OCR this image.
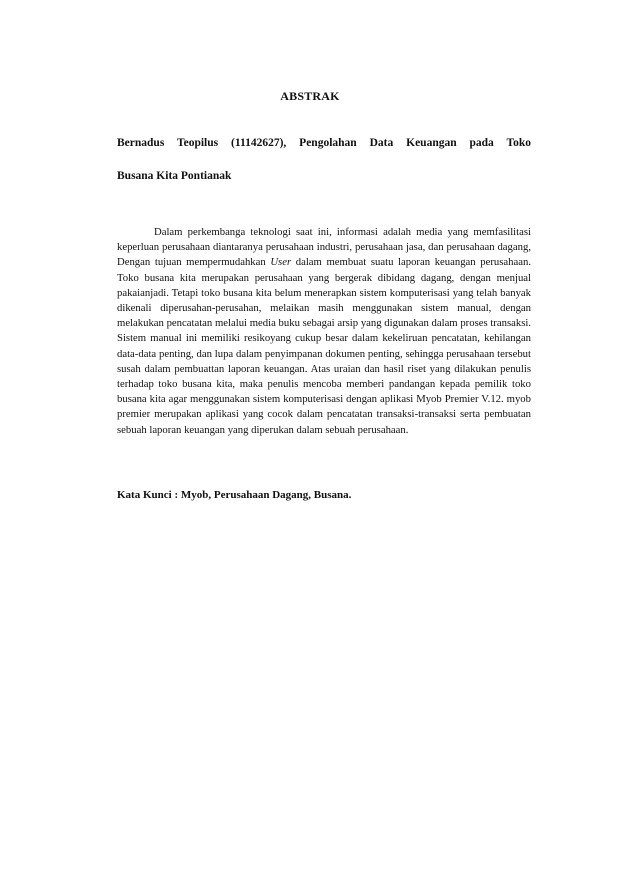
ABSTRAK
Bernadus Teopilus (11142627), Pengolahan Data Keuangan pada Toko
Busana Kita Pontianak

Dalam perkembanga teknologi saat ini, informasi adalah media yang memfasilitasi keperluan perusahaan diantaranya perusahaan industri, perusahaan jasa, dan perusahaan dagang, Dengan tujuan mempermudahkan User dalam membuat suatu laporan keuangan perusahaan. Toko busana kita merupakan perusahaan yang bergerak dibidang dagang, dengan menjual pakaianjadi. Tetapi toko busana kita belum menerapkan sistem komputerisasi yang telah banyak dikenali diperusahan-perusahan, melaikan masih menggunakan sistem manual, dengan melakukan pencatatan melalui media buku sebagai arsip yang digunakan dalam proses transaksi. Sistem manual ini memiliki resikoyang cukup besar dalam kekeliruan pencatatan, kehilangan data-data penting, dan lupa dalam penyimpanan dokumen penting, sehingga perusahaan tersebut susah dalam pembuattan laporan keuangan. Atas uraian dan hasil riset yang dilakukan penulis terhadap toko busana kita, maka penulis mencoba memberi pandangan kepada pemilik toko busana kita agar menggunakan sistem komputerisasi dengan aplikasi Myob Premier V.12. myob premier merupakan aplikasi yang cocok dalam pencatatan transaksi-transaksi serta pembuatan sebuah laporan keuangan yang diperukan dalam sebuah perusahaan.

Kata Kunci : Myob, Perusahaan Dagang, Busana.
